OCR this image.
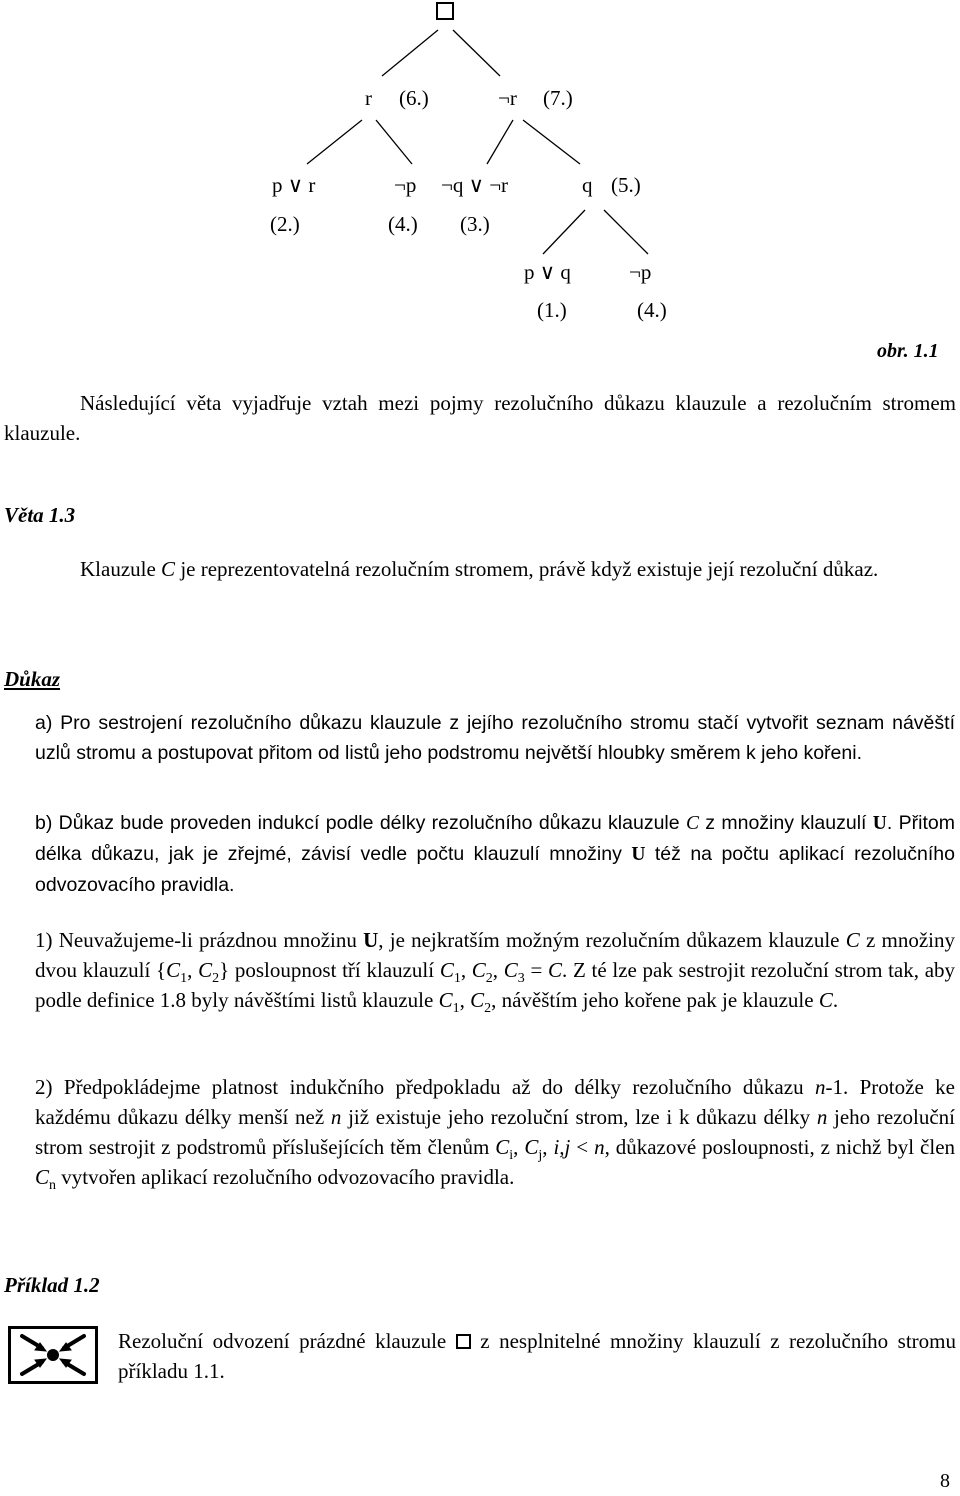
r (6.)	¬r (7.)
p ∨ r
(2.)
¬p
(4.)
¬q ∨ ¬r
(3.)
q (5.)
p ∨ q
(1.)
¬p
(4.)
obr. 1.1
Následující věta vyjadřuje vztah mezi pojmy rezolučního důkazu klauzule a rezolučním stromem klauzule.
Věta 1.3
Klauzule C je reprezentovatelná rezolučním stromem, právě když existuje její rezoluční důkaz.
Důkaz
a) Pro sestrojení rezolučního důkazu klauzule z jejího rezolučního stromu stačí vytvořit seznam návěští uzlů stromu a postupovat přitom od listů jeho podstromu největší hloubky směrem k jeho kořeni.
b) Důkaz bude proveden indukcí podle délky rezolučního důkazu klauzule C z množiny klauzulí U. Přitom délka důkazu, jak je zřejmé, závisí vedle počtu klauzulí množiny U též na počtu aplikací rezolučního odvozovacího pravidla.
1) Neuvažujeme-li prázdnou množinu U, je nejkratším možným rezolučním důkazem klauzule C z množiny dvou klauzulí {$C_1$, $C_2$} posloupnost tří klauzulí $C_1$, $C_2$, $C_3 = C$. Z té lze pak sestrojit rezoluční strom tak, aby podle definice 1.8 byly návěštími listů klauzule $C_1$, $C_2$, návěštím jeho kořene pak je klauzule C.
2) Předpokládejme platnost indukčního předpokladu až do délky rezolučního důkazu n-1. Protože ke každému důkazu délky menší než n již existuje jeho rezoluční strom, lze i k důkazu délky n jeho rezoluční strom sestrojit z podstromů příslušejících těm členům $C_i$, $C_j$, i,j < n, důkazové posloupnosti, z nichž byl člen $C_n$ vytvořen aplikací rezolučního odvozovacího pravidla.
Příklad 1.2
Rezoluční odvození prázdné klauzule  z nesplnitelné množiny klauzulí z rezolučního stromu příkladu 1.1.
8
